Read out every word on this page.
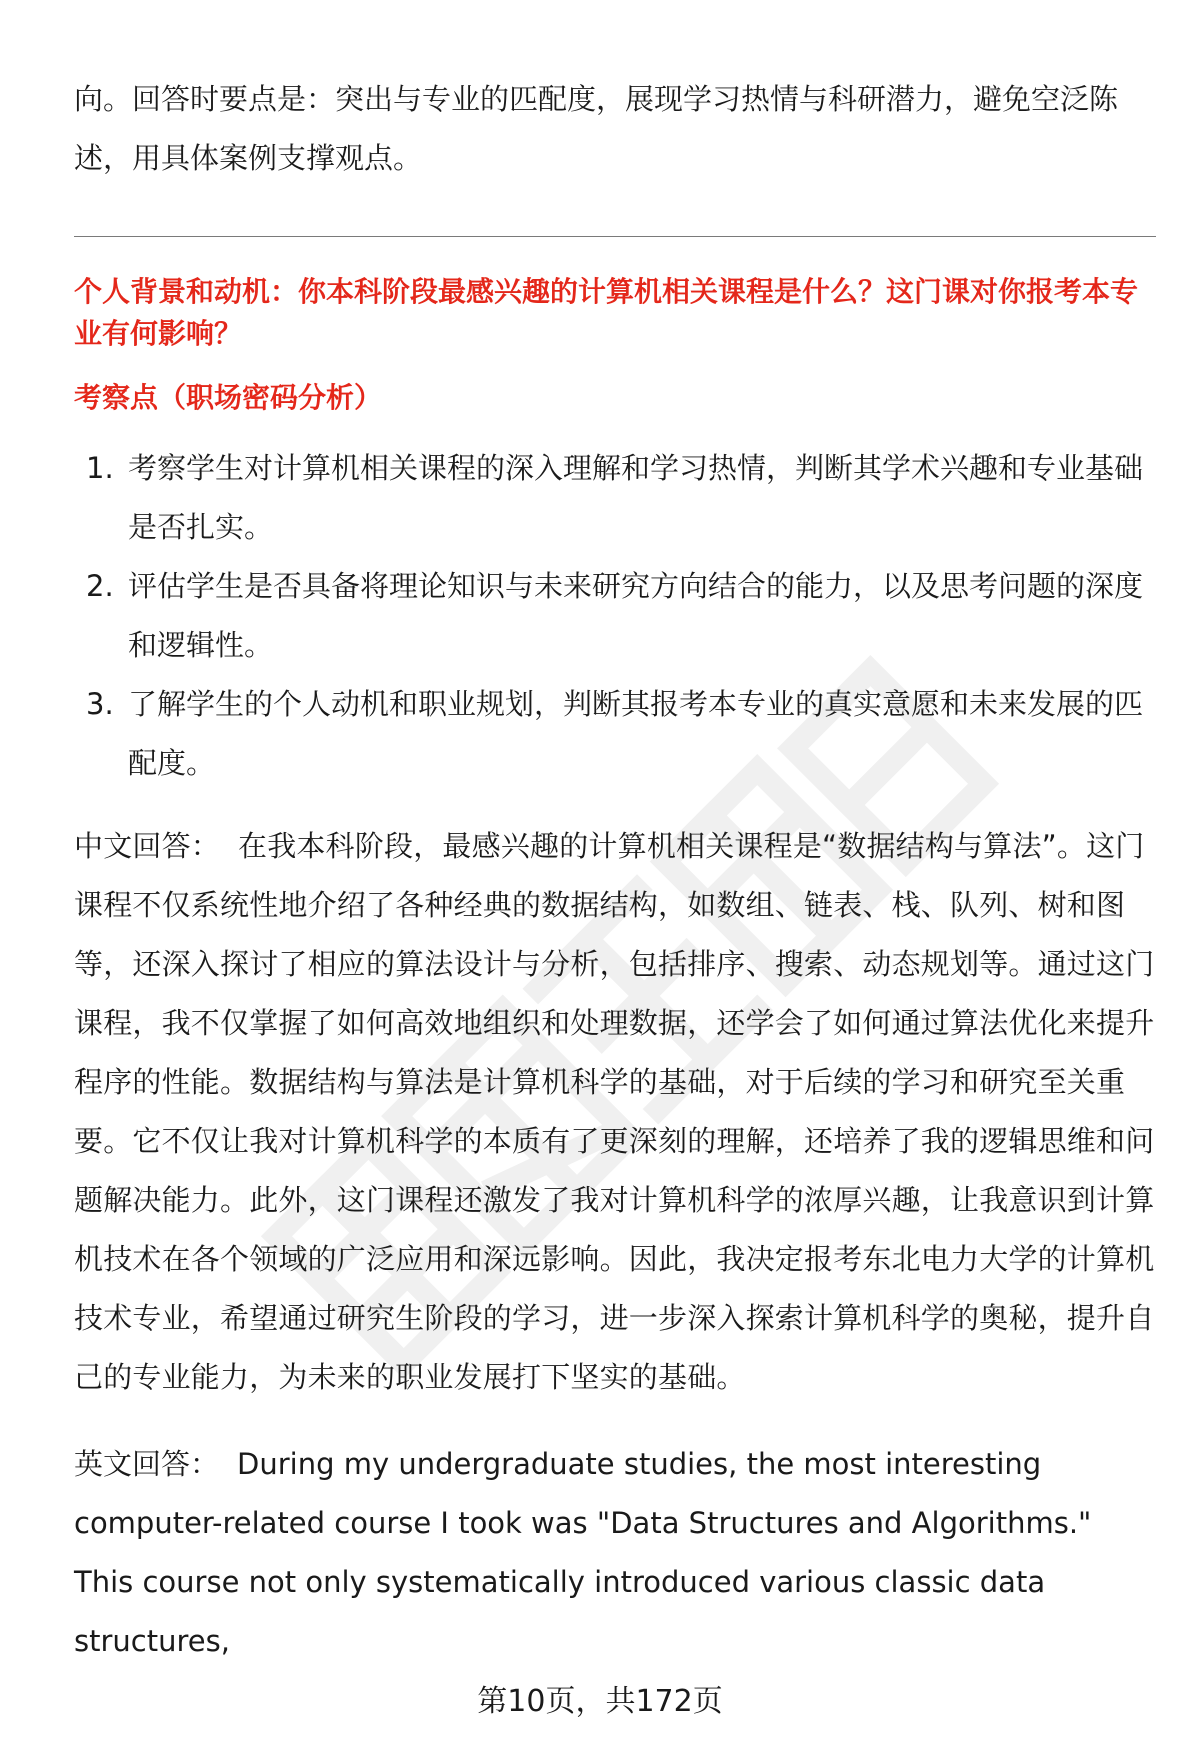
向。回答时要点是：突出与专业的匹配度，展现学习热情与科研潜力，避免空泛陈述，用具体案例支撑观点。

个人背景和动机：你本科阶段最感兴趣的计算机相关课程是什么？这门课对你报考本专业有何影响？

考察点（职场密码分析）

1. 考察学生对计算机相关课程的深入理解和学习热情，判断其学术兴趣和专业基础是否扎实。
2. 评估学生是否具备将理论知识与未来研究方向结合的能力，以及思考问题的深度和逻辑性。
3. 了解学生的个人动机和职业规划，判断其报考本专业的真实意愿和未来发展的匹配度。

中文回答： 在我本科阶段，最感兴趣的计算机相关课程是“数据结构与算法”。这门课程不仅系统性地介绍了各种经典的数据结构，如数组、链表、栈、队列、树和图等，还深入探讨了相应的算法设计与分析，包括排序、搜索、动态规划等。通过这门课程，我不仅掌握了如何高效地组织和处理数据，还学会了如何通过算法优化来提升程序的性能。数据结构与算法是计算机科学的基础，对于后续的学习和研究至关重要。它不仅让我对计算机科学的本质有了更深刻的理解，还培养了我的逻辑思维和问题解决能力。此外，这门课程还激发了我对计算机科学的浓厚兴趣，让我意识到计算机技术在各个领域的广泛应用和深远影响。因此，我决定报考东北电力大学的计算机技术专业，希望通过研究生阶段的学习，进一步深入探索计算机科学的奥秘，提升自己的专业能力，为未来的职业发展打下坚实的基础。

英文回答： During my undergraduate studies, the most interesting computer-related course I took was "Data Structures and Algorithms." This course not only systematically introduced various classic data structures,

第10页，共172页
